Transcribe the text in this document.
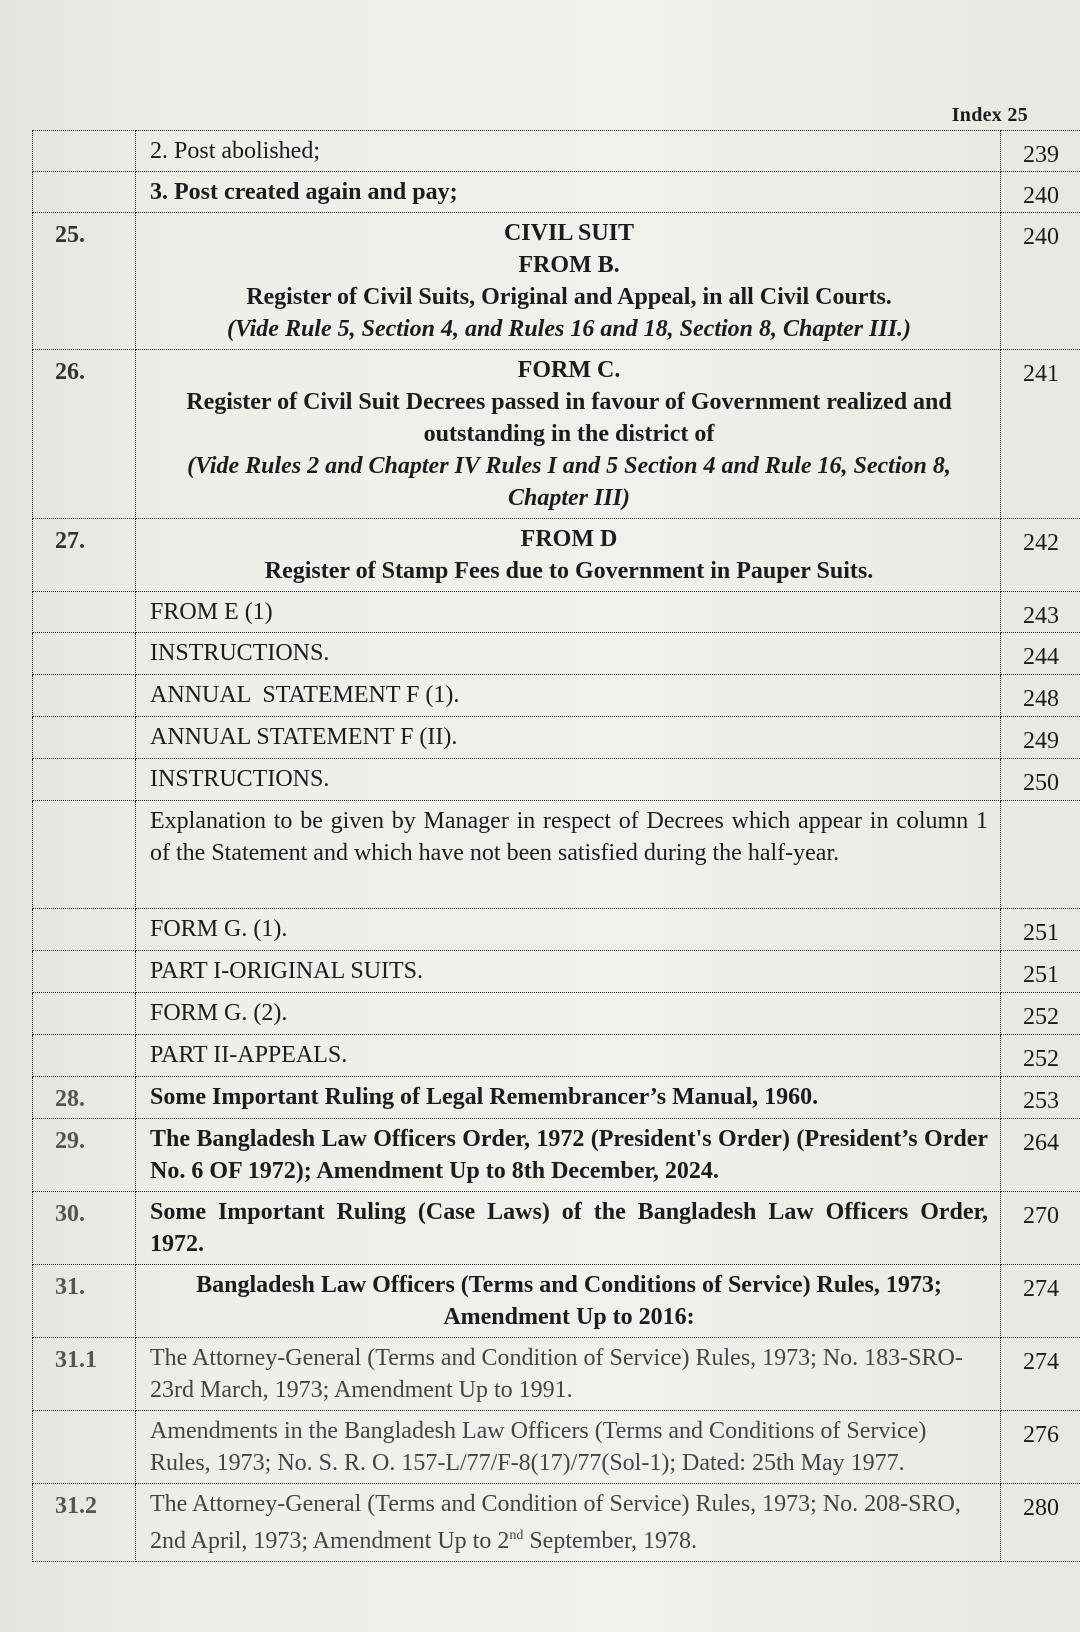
Index 25
	2. Post abolished;	239
	3. Post created again and pay;	240
25.	CIVIL SUIT
FROM B.
Register of Civil Suits, Original and Appeal, in all Civil Courts.
(Vide Rule 5, Section 4, and Rules 16 and 18, Section 8, Chapter III.)	240
26.	FORM C.
Register of Civil Suit Decrees passed in favour of Government realized and outstanding in the district of
(Vide Rules 2 and Chapter IV Rules I and 5 Section 4 and Rule 16, Section 8, Chapter III)	241
27.	FROM D
Register of Stamp Fees due to Government in Pauper Suits.	242
	FROM E (1)	243
	INSTRUCTIONS.	244
	ANNUAL  STATEMENT F (1).	248
	ANNUAL STATEMENT F (II).	249
	INSTRUCTIONS.	250
	Explanation to be given by Manager in respect of Decrees which appear in column 1 of the Statement and which have not been satisfied during the half-year.	
	FORM G. (1).	251
	PART I-ORIGINAL SUITS.	251
	FORM G. (2).	252
	PART II-APPEALS.	252
28.	Some Important Ruling of Legal Remembrancer’s Manual, 1960.	253
29.	The Bangladesh Law Officers Order, 1972 (President's Order) (President’s Order No. 6 OF 1972); Amendment Up to 8th December, 2024.	264
30.	Some Important Ruling (Case Laws) of the Bangladesh Law Officers Order, 1972.	270
31.	Bangladesh Law Officers (Terms and Conditions of Service) Rules, 1973; Amendment Up to 2016:	274
31.1	The Attorney-General (Terms and Condition of Service) Rules, 1973; No. 183-SRO-23rd March, 1973; Amendment Up to 1991.	274
	Amendments in the Bangladesh Law Officers (Terms and Conditions of Service) Rules, 1973; No. S. R. O. 157-L/77/F-8(17)/77(Sol-1); Dated: 25th May 1977.	276
31.2	The Attorney-General (Terms and Condition of Service) Rules, 1973; No. 208-SRO, 2nd April, 1973; Amendment Up to 2nd September, 1978.	280
